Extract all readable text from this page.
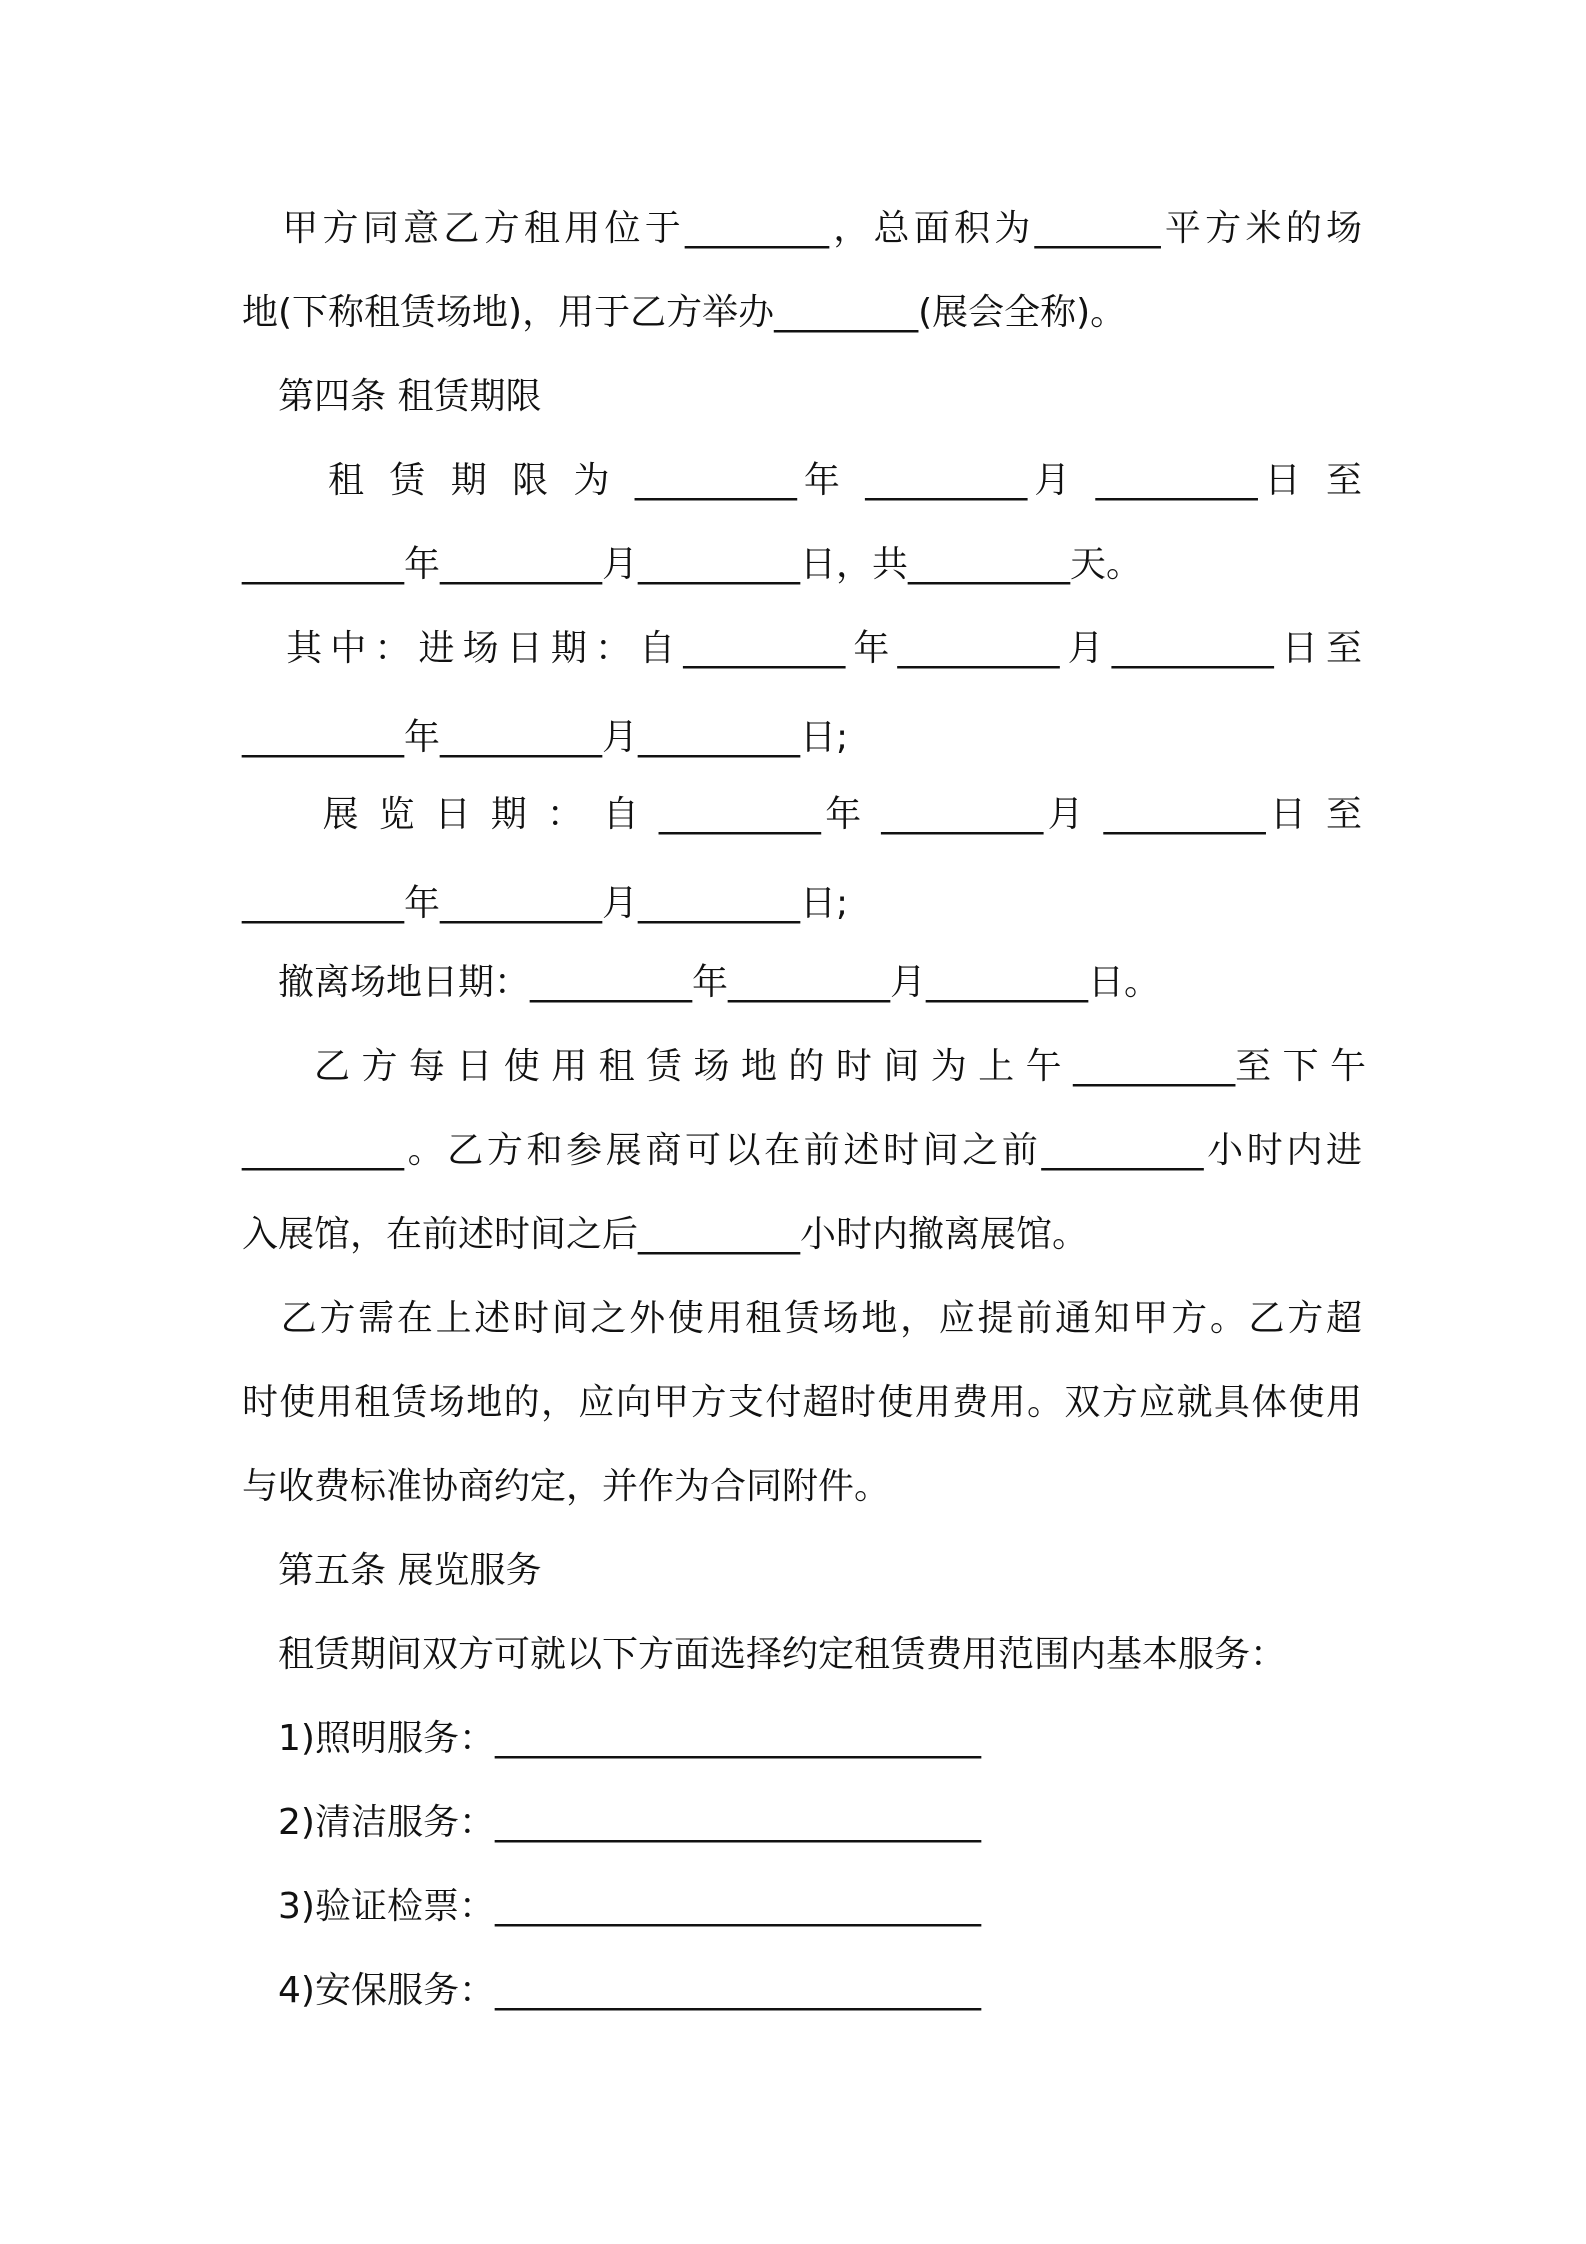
　甲方同意乙方租用位于________，总面积为_______平方米的场
地(下称租赁场地)，用于乙方举办________(展会全称)。
　第四条 租赁期限
　　租 赁 期 限 为 _________年 _________月 _________日 至
_________年_________月_________日，共_________天。
　其中：进场日期：自_________年_________月_________日至
_________年_________月_________日;
　　展 览 日 期 ： 自 _________年 _________月 _________日 至
_________年_________月_________日;
　撤离场地日期：_________年_________月_________日。
　　乙 方 每 日 使 用 租 赁 场 地 的 时 间 为 上 午 _________至 下 午
_________。乙方和参展商可以在前述时间之前_________小时内进
入展馆，在前述时间之后_________小时内撤离展馆。
　乙方需在上述时间之外使用租赁场地，应提前通知甲方。乙方超
时使用租赁场地的，应向甲方支付超时使用费用。双方应就具体使用
与收费标准协商约定，并作为合同附件。
　第五条 展览服务
　租赁期间双方可就以下方面选择约定租赁费用范围内基本服务：
　1)照明服务：___________________________
　2)清洁服务：___________________________
　3)验证检票：___________________________
　4)安保服务：___________________________
